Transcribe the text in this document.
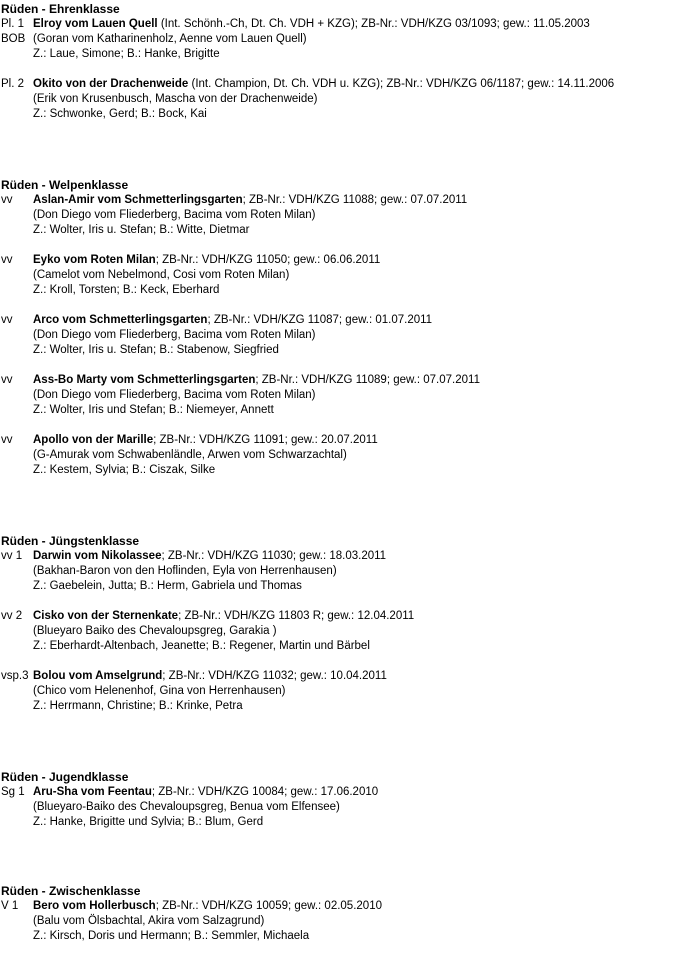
Rüden - Ehrenklasse
Pl. 1 Elroy vom Lauen Quell (Int. Schönh.-Ch, Dt. Ch. VDH + KZG); ZB-Nr.: VDH/KZG 03/1093; gew.: 11.05.2003
BOB (Goran vom Katharinenholz, Aenne vom Lauen Quell)
Z.: Laue, Simone; B.: Hanke, Brigitte
Pl. 2 Okito von der Drachenweide (Int. Champion, Dt. Ch. VDH u. KZG); ZB-Nr.: VDH/KZG 06/1187; gew.: 14.11.2006
(Erik von Krusenbusch, Mascha von der Drachenweide)
Z.: Schwonke, Gerd; B.: Bock, Kai
Rüden - Welpenklasse
vv	Aslan-Amir vom Schmetterlingsgarten; ZB-Nr.: VDH/KZG 11088; gew.: 07.07.2011
(Don Diego vom Fliederberg, Bacima vom Roten Milan)
Z.: Wolter, Iris u. Stefan; B.: Witte, Dietmar
vv	Eyko vom Roten Milan; ZB-Nr.: VDH/KZG 11050; gew.: 06.06.2011
(Camelot vom Nebelmond, Cosi vom Roten Milan)
Z.: Kroll, Torsten; B.: Keck, Eberhard
vv	Arco vom Schmetterlingsgarten; ZB-Nr.: VDH/KZG 11087; gew.: 01.07.2011
(Don Diego vom Fliederberg, Bacima vom Roten Milan)
Z.: Wolter, Iris u. Stefan; B.: Stabenow, Siegfried
vv	Ass-Bo Marty vom Schmetterlingsgarten; ZB-Nr.: VDH/KZG 11089; gew.: 07.07.2011
(Don Diego vom Fliederberg, Bacima vom Roten Milan)
Z.: Wolter, Iris und Stefan; B.: Niemeyer, Annett
vv	Apollo von der Marille; ZB-Nr.: VDH/KZG 11091; gew.: 20.07.2011
(G-Amurak vom Schwabenländle, Arwen vom Schwarzachtal)
Z.: Kestem, Sylvia; B.: Ciszak, Silke
Rüden - Jüngstenklasse
vv 1 Darwin vom Nikolassee; ZB-Nr.: VDH/KZG 11030; gew.: 18.03.2011
(Bakhan-Baron von den Hoflinden, Eyla von Herrenhausen)
Z.: Gaebelein, Jutta; B.: Herm, Gabriela und Thomas
vv 2 Cisko von der Sternenkate; ZB-Nr.: VDH/KZG 11803 R; gew.: 12.04.2011
(Blueyaro Baiko des Chevaloupsgreg, Garakia )
Z.: Eberhardt-Altenbach, Jeanette; B.: Regener, Martin und Bärbel
vsp.3 Bolou vom Amselgrund; ZB-Nr.: VDH/KZG 11032; gew.: 10.04.2011
(Chico vom Helenenhof, Gina von Herrenhausen)
Z.: Herrmann, Christine; B.: Krinke, Petra
Rüden - Jugendklasse
Sg 1 Aru-Sha vom Feentau; ZB-Nr.: VDH/KZG 10084; gew.: 17.06.2010
(Blueyaro-Baiko des Chevaloupsgreg, Benua vom Elfensee)
Z.: Hanke, Brigitte und Sylvia; B.: Blum, Gerd
Rüden - Zwischenklasse
V 1	Bero vom Hollerbusch; ZB-Nr.: VDH/KZG 10059; gew.: 02.05.2010
(Balu vom Ölsbachtal, Akira vom Salzagrund)
Z.: Kirsch, Doris und Hermann; B.: Semmler, Michaela
